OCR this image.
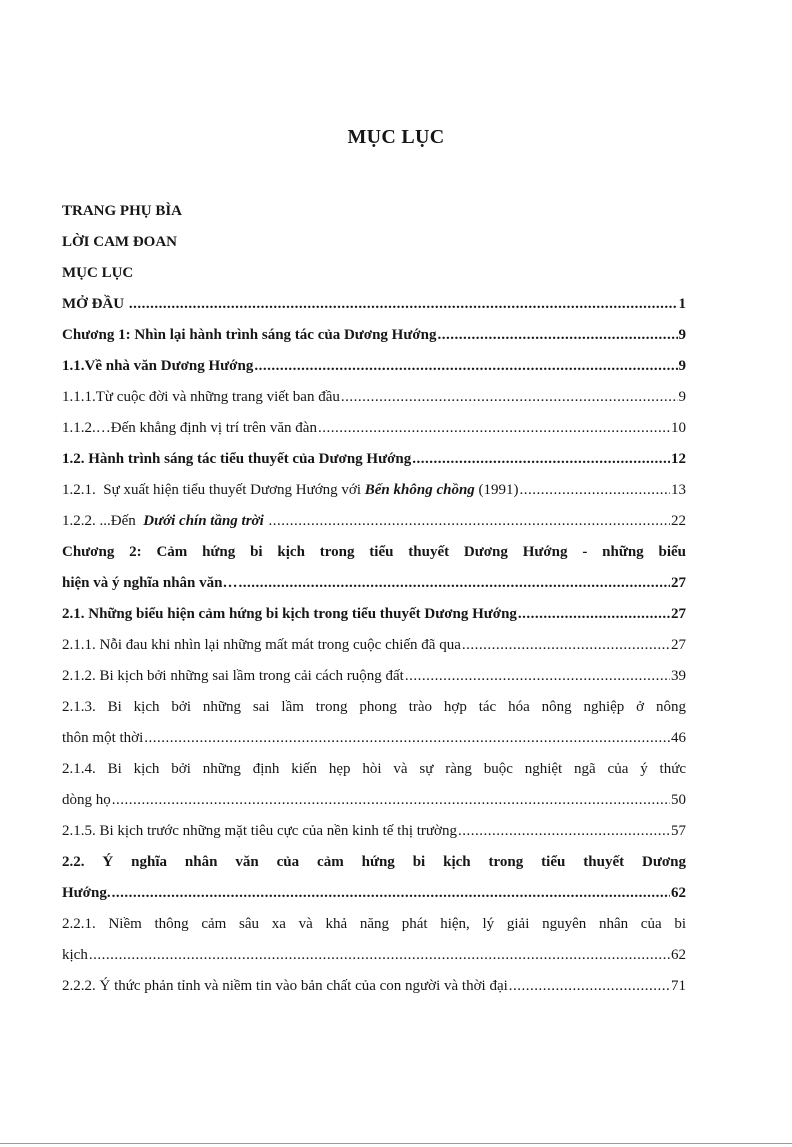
MỤC LỤC
TRANG PHỤ BÌA
LỜI CAM ĐOAN
MỤC LỤC
MỞ ĐẦU .....	1
Chương 1: Nhìn lại hành trình sáng tác của Dương Hướng .....	9
1.1.Về nhà văn Dương Hướng .....	9
1.1.1.Từ cuộc đời và những trang viết ban đầu .....	9
1.1.2.…Đến khẳng định vị trí trên văn đàn .....	10
1.2. Hành trình sáng tác tiểu thuyết của Dương Hướng .....	12
1.2.1.  Sự xuất hiện tiểu thuyết Dương Hướng với Bến không chồng (1991) .....	13
1.2.2. ...Đến  Dưới chín tầng trời .....	22
Chương 2: Cảm hứng bi kịch trong tiểu thuyết Dương Hướng - những biểu
hiện và ý nghĩa nhân văn… .....	27
2.1. Những biểu hiện cảm hứng bi kịch trong tiểu thuyết Dương Hướng .....	27
2.1.1. Nỗi đau khi nhìn lại những mất mát trong cuộc chiến đã qua .....	27
2.1.2. Bi kịch bởi những sai lầm trong cải cách ruộng đất .....	39
2.1.3. Bi kịch bởi những sai lầm trong phong trào hợp tác hóa nông nghiệp ở nông
thôn một thời .....	46
2.1.4. Bi kịch bởi những định kiến hẹp hòi và sự ràng buộc nghiệt ngã của ý thức
dòng họ .....	50
2.1.5. Bi kịch trước những mặt tiêu cực của nền kinh tế thị trường .....	57
2.2. Ý nghĩa nhân văn của cảm hứng bi kịch trong tiểu thuyết Dương
Hướng. .....	62
2.2.1. Niềm thông cảm sâu xa và khả năng phát hiện, lý giải nguyên nhân của bi
kịch .....	62
2.2.2. Ý thức phản tỉnh và niềm tin vào bản chất của con người và thời đại .....	71
